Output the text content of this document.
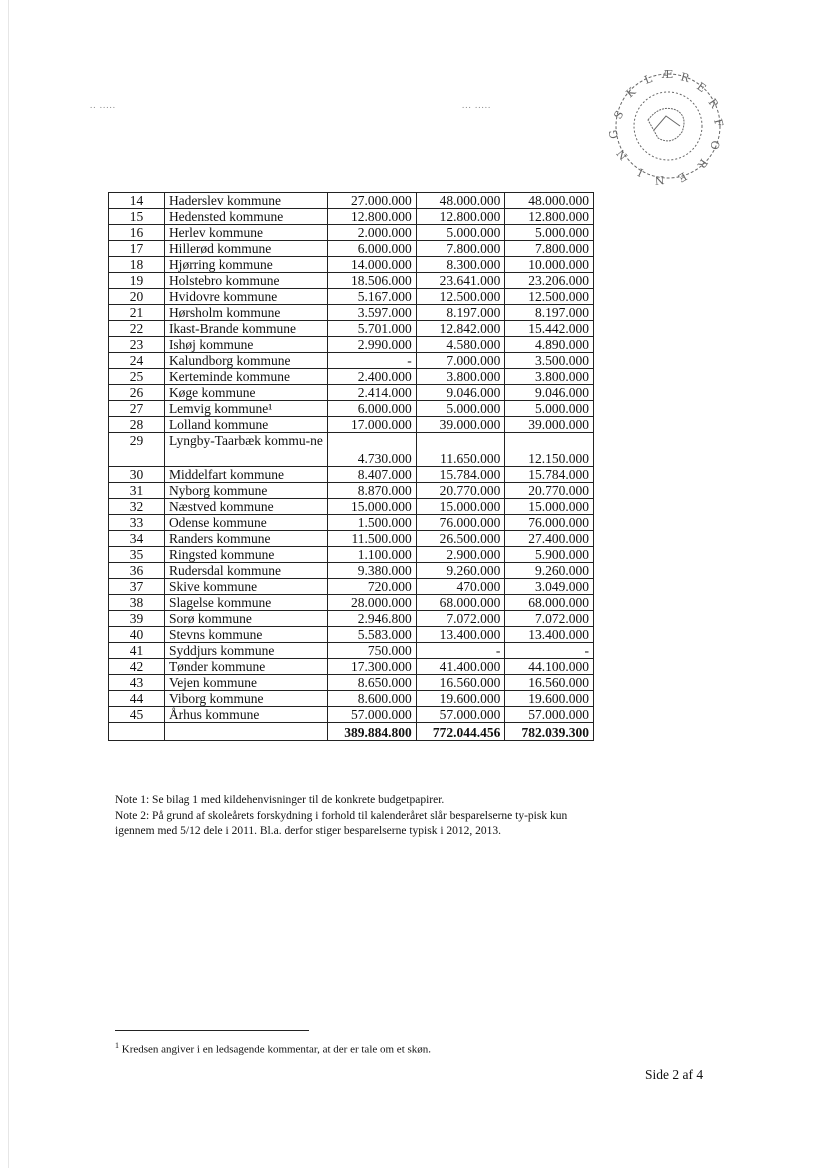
.. .....	... .....
S
K
L Æ R
E
R
F
O
R
E
N
I
N
G
14	Haderslev kommune	27.000.000	48.000.000	48.000.000
15	Hedensted kommune	12.800.000	12.800.000	12.800.000
16	Herlev kommune	2.000.000	5.000.000	5.000.000
17	Hillerød kommune	6.000.000	7.800.000	7.800.000
18	Hjørring kommune	14.000.000	8.300.000	10.000.000
19	Holstebro kommune	18.506.000	23.641.000	23.206.000
20	Hvidovre kommune	5.167.000	12.500.000	12.500.000
21	Hørsholm kommune	3.597.000	8.197.000	8.197.000
22	Ikast-Brande kommune	5.701.000	12.842.000	15.442.000
23	Ishøj kommune	2.990.000	4.580.000	4.890.000
24	Kalundborg kommune	-	7.000.000	3.500.000
25	Kerteminde kommune	2.400.000	3.800.000	3.800.000
26	Køge kommune	2.414.000	9.046.000	9.046.000
27	Lemvig kommune¹	6.000.000	5.000.000	5.000.000
28	Lolland kommune	17.000.000	39.000.000	39.000.000
29	Lyngby-Taarbæk kommu-ne	4.730.000	11.650.000	12.150.000
30	Middelfart kommune	8.407.000	15.784.000	15.784.000
31	Nyborg kommune	8.870.000	20.770.000	20.770.000
32	Næstved kommune	15.000.000	15.000.000	15.000.000
33	Odense kommune	1.500.000	76.000.000	76.000.000
34	Randers kommune	11.500.000	26.500.000	27.400.000
35	Ringsted kommune	1.100.000	2.900.000	5.900.000
36	Rudersdal kommune	9.380.000	9.260.000	9.260.000
37	Skive kommune	720.000	470.000	3.049.000
38	Slagelse kommune	28.000.000	68.000.000	68.000.000
39	Sorø kommune	2.946.800	7.072.000	7.072.000
40	Stevns kommune	5.583.000	13.400.000	13.400.000
41	Syddjurs kommune	750.000	-	-
42	Tønder kommune	17.300.000	41.400.000	44.100.000
43	Vejen kommune	8.650.000	16.560.000	16.560.000
44	Viborg kommune	8.600.000	19.600.000	19.600.000
45	Århus kommune	57.000.000	57.000.000	57.000.000
		389.884.800	772.044.456	782.039.300

Note 1: Se bilag 1 med kildehenvisninger til de konkrete budgetpapirer.

Note 2: På grund af skoleårets forskydning i forhold til kalenderåret slår besparelserne ty-pisk kun igennem med 5/12 dele i 2011. Bl.a. derfor stiger besparelserne typisk i 2012, 2013.

$^1$ Kredsen angiver i en ledsagende kommentar, at der er tale om et skøn.
Side 2 af 4
